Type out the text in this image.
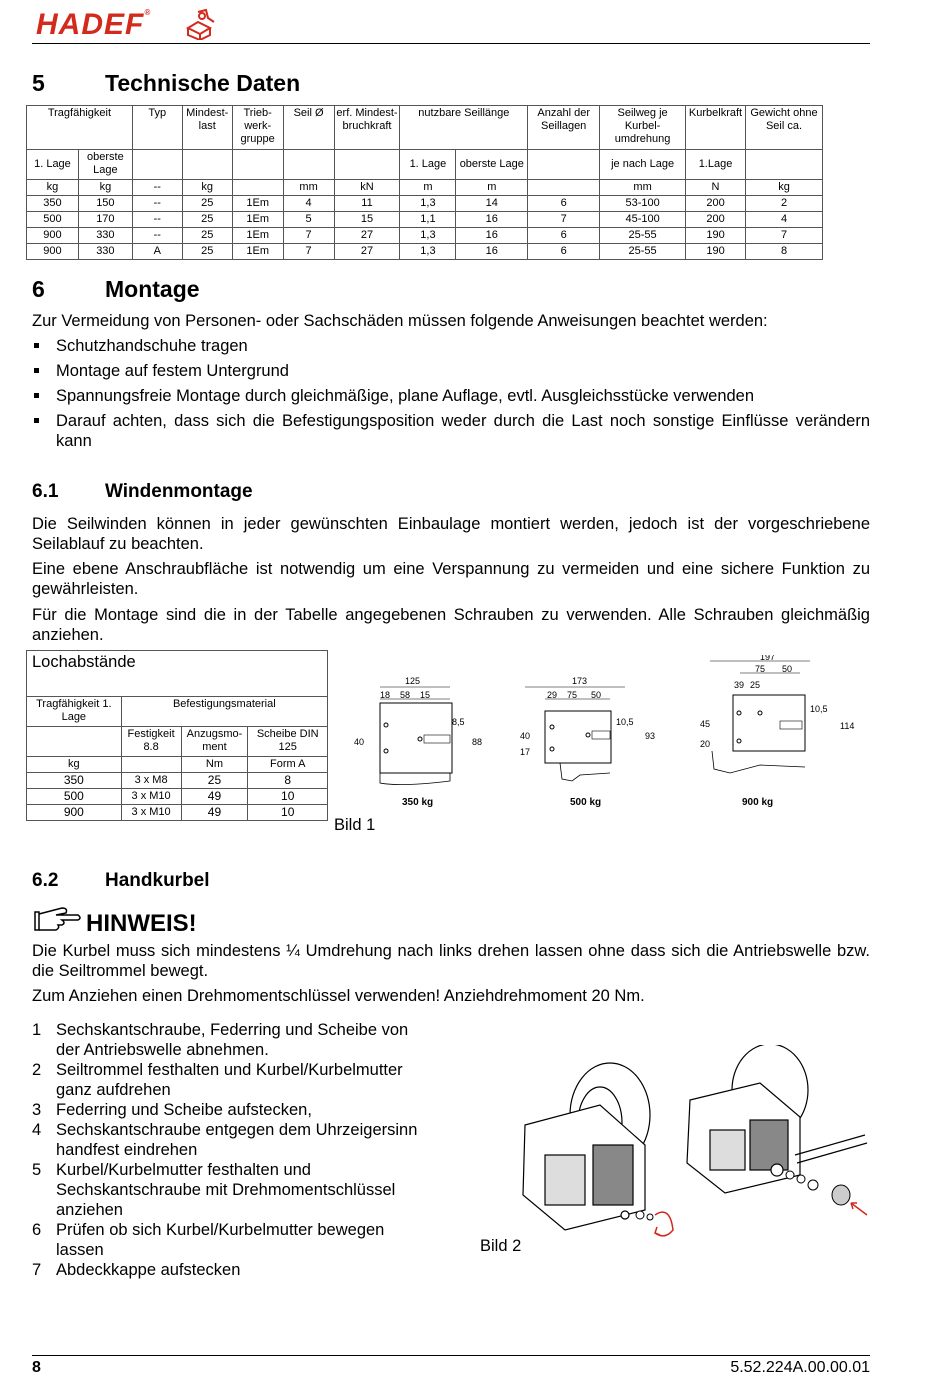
HADEF®
5	Technische Daten
Tragfähigkeit		Typ	Mindest-last	Trieb-werk-gruppe	Seil Ø	erf. Mindest-bruchkraft	nutzbare Seillänge		Anzahl der Seillagen	Seilweg je Kurbel-umdrehung	Kurbelkraft	Gewicht ohne Seil ca.
1. Lage	oberste Lage						1. Lage	oberste Lage		je nach Lage	1.Lage	
kg	kg	--	kg		mm	kN	m	m		mm	N	kg
350	150	--	25	1Em	4	11	1,3	14	6	53-100	200	2
500	170	--	25	1Em	5	15	1,1	16	7	45-100	200	4
900	330	--	25	1Em	7	27	1,3	16	6	25-55	190	7
900	330	A	25	1Em	7	27	1,3	16	6	25-55	190	8
6	Montage

Zur Vermeidung von Personen- oder Sachschäden müssen folgende Anweisungen beachtet werden:

Schutzhandschuhe tragen
Montage auf festem Untergrund
Spannungsfreie Montage durch gleichmäßige, plane Auflage, evtl. Ausgleichsstücke verwenden
Darauf achten, dass sich die Befestigungsposition weder durch die Last noch sonstige Einflüsse verändern kann
6.1 Windenmontage

Die Seilwinden können in jeder gewünschten Einbaulage montiert werden, jedoch ist der vorgeschriebene Seilablauf zu beachten.

Eine ebene Anschraubfläche ist notwendig um eine Verspannung zu vermeiden und eine sichere Funktion zu gewährleisten.

Für die Montage sind die in der Tabelle angegebenen Schrauben zu verwenden. Alle Schrauben gleichmäßig anziehen.

Lochabstände
Tragfähigkeit 1. Lage	Befestigungsmaterial		
	Festigkeit 8.8	Anzugsmo-ment	Scheibe DIN 125
kg		Nm	Form A
350	3 x M8	25	8
500	3 x M10	49	10
900	3 x M10	49	10
125
18 58 15
8,5
40	88
350 kg
173
29 75 50
10,5
40
17
93
500 kg
197
75 50
39 25
10,5
45
20
114
900 kg
Bild 1
6.2 Handkurbel
HINWEIS!

Die Kurbel muss sich mindestens ¼ Umdrehung nach links drehen lassen ohne dass sich die Antriebswelle bzw. die Seiltrommel bewegt.

Zum Anziehen einen Drehmomentschlüssel verwenden! Anziehdrehmoment 20 Nm.

1 Sechskantschraube, Federring und Scheibe von der Antriebswelle abnehmen.
2 Seiltrommel festhalten und Kurbel/Kurbelmutter ganz aufdrehen
3 Federring und Scheibe aufstecken,
4 Sechskantschraube entgegen dem Uhrzeigersinn handfest eindrehen
5 Kurbel/Kurbelmutter festhalten und Sechskantschraube mit Drehmomentschlüssel anziehen
6 Prüfen ob sich Kurbel/Kurbelmutter bewegen lassen
7 Abdeckkappe aufstecken
Bild 2
8	5.52.224A.00.00.01
